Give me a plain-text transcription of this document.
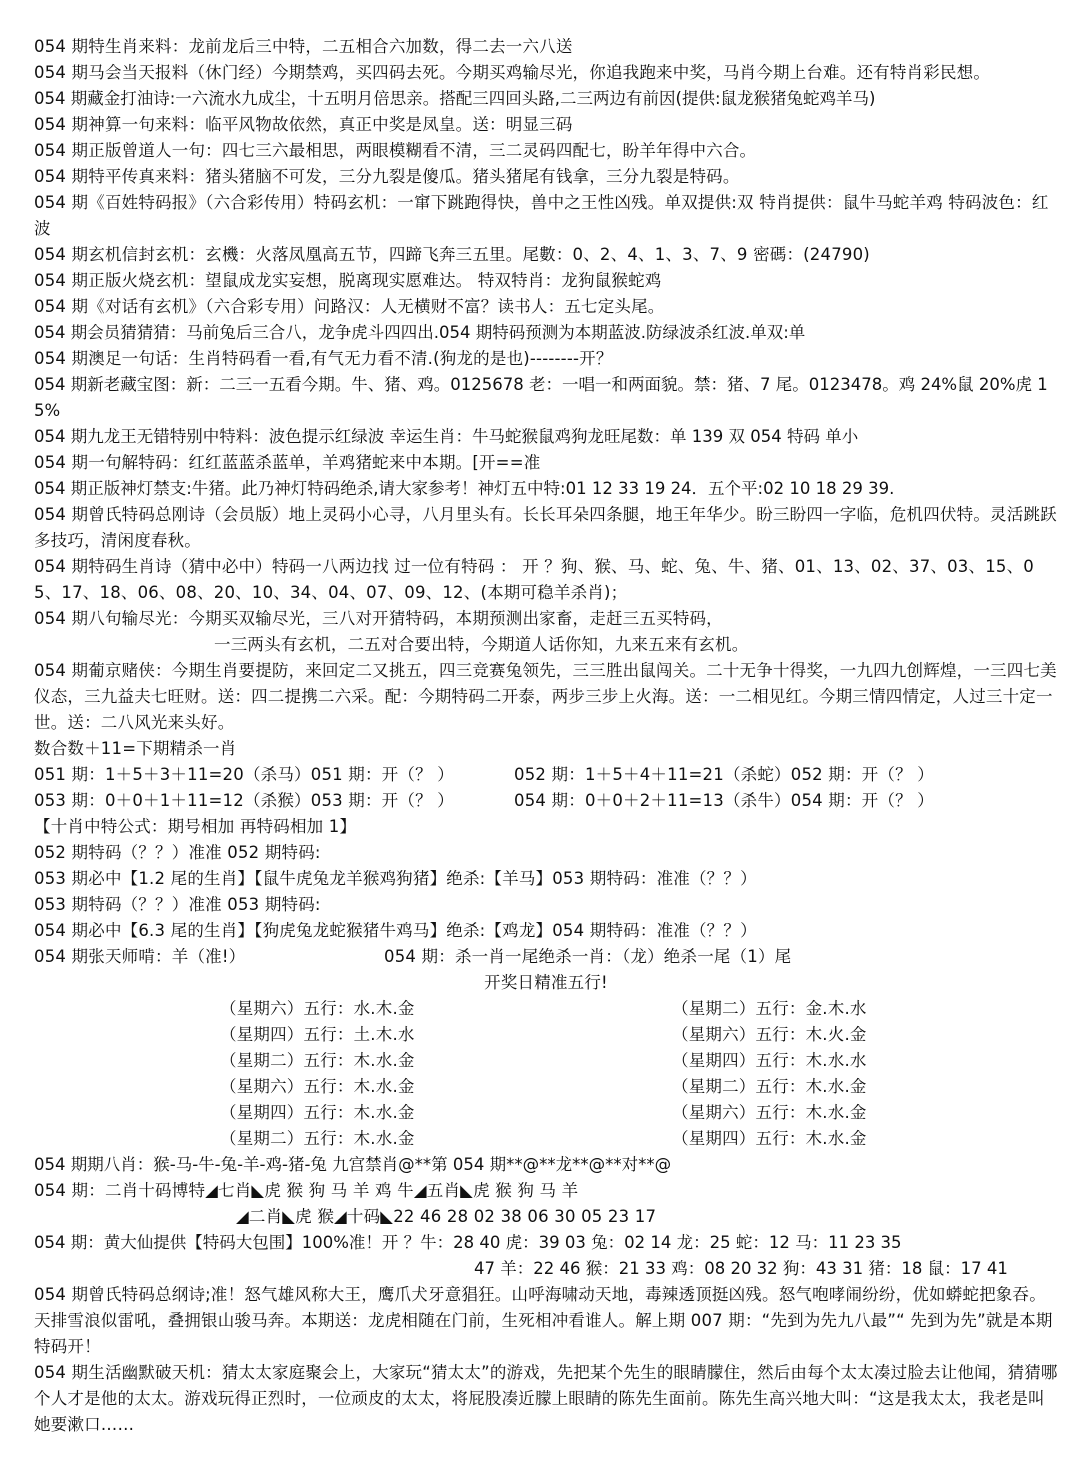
054 期特生肖来料：龙前龙后三中特，二五相合六加数，得二去一六八送

054 期马会当天报料（休门经）今期禁鸡，买四码去死。今期买鸡输尽光，你追我跑来中奖，马肖今期上台难。还有特肖彩民想。

054 期藏金打油诗:一六流水九成尘，十五明月倍思亲。搭配三四回头路,二三两边有前因(提供:鼠龙猴猪兔蛇鸡羊马)

054 期神算一句来料：临平风物故依然，真正中奖是凤皇。送：明显三码

054 期正版曾道人一句：四七三六最相思，两眼模糊看不清，三二灵码四配七，盼羊年得中六合。

054 期特平传真来料：猪头猪脑不可发，三分九裂是傻瓜。猪头猪尾有钱拿，三分九裂是特码。

054 期《百姓特码报》（六合彩传用）特码玄机：一窜下跳跑得快，兽中之王性凶残。单双提供:双 特肖提供：鼠牛马蛇羊鸡 特码波色：红波

054 期玄机信封玄机：玄機：火落凤凰高五节，四蹄飞奔三五里。尾數：0、2、4、1、3、7、9 密碼：(24790)

054 期正版火烧玄机：望鼠成龙实妄想，脱离现实愿难达。 特双特肖：龙狗鼠猴蛇鸡

054 期《对话有玄机》（六合彩专用）问路汉：人无横财不富？读书人：五七定头尾。

054 期会员猜猜猜：马前兔后三合八，龙争虎斗四四出.054 期特码预测为本期蓝波.防绿波杀红波.单双:单

054 期澳足一句话：生肖特码看一看,有气无力看不清.(狗龙的是也)--------开？

054 期新老藏宝图：新：二三一五看今期。牛、猪、鸡。0125678 老：一唱一和两面貌。禁：猪、7 尾。0123478。鸡 24%鼠 20%虎 15%

054 期九龙王无错特别中特料：波色提示红绿波 幸运生肖：牛马蛇猴鼠鸡狗龙旺尾数：单 139 双 054 特码 单小

054 期一句解特码：红红蓝蓝杀蓝单，羊鸡猪蛇来中本期。[开==准

054 期正版神灯禁支:牛猪。此乃神灯特码绝杀,请大家参考！神灯五中特:01 12 33 19 24．五个平:02 10 18 29 39.

054 期曾氏特码总刚诗（会员版）地上灵码小心寻，八月里头有。长长耳朵四条腿，地王年华少。盼三盼四一字临，危机四伏特。灵活跳跃多技巧，清闲度春秋。

054 期特码生肖诗（猜中必中）特码一八两边找 过一位有特码 ： 开 ？狗、猴、马、蛇、兔、牛、猪、01、13、02、37、03、15、05、17、18、06、08、20、10、34、04、07、09、12、(本期可稳羊杀肖)；

054 期八句输尽光：今期买双输尽光，三八对开猜特码，本期预测出家畜，走赶三五买特码，

一三两头有玄机，二五对合要出特，今期道人话你知，九来五来有玄机。

054 期葡京赌侠：今期生肖要提防，来回定二又挑五，四三竞赛兔领先，三三胜出鼠闯关。二十无争十得奖，一九四九创辉煌，一三四七美仪态，三九益夫七旺财。送：四二提携二六采。配：今期特码二开泰，两步三步上火海。送：一二相见红。今期三情四情定，人过三十定一世。送：二八风光来头好。

数合数＋11=下期精杀一肖

051 期：1＋5＋3＋11=20（杀马）051 期：开（？ ）	052 期：1＋5＋4＋11=21（杀蛇）052 期：开（？ ）
053 期：0＋0＋1＋11=12（杀猴）053 期：开（？ ）	054 期：0＋0＋2＋11=13（杀牛）054 期：开（？ ）

【十肖中特公式：期号相加 再特码相加 1】

052 期特码（？？）准准 052 期特码:

053 期必中【1.2 尾的生肖】【鼠牛虎兔龙羊猴鸡狗猪】绝杀:【羊马】053 期特码：准准（？？）

053 期特码（？？）准准 053 期特码:

054 期必中【6.3 尾的生肖】【狗虎兔龙蛇猴猪牛鸡马】绝杀:【鸡龙】054 期特码：准准（？？）

054 期张天师啃：羊（准!）	054 期：杀一肖一尾绝杀一肖：（龙）绝杀一尾（1）尾

开奖日精准五行!

（星期六）五行：水.木.金	（星期二）五行：金.木.水
（星期四）五行：土.木.水	（星期六）五行：木.火.金
（星期二）五行：木.水.金	（星期四）五行：木.水.水
（星期六）五行：木.水.金	（星期二）五行：木.水.金
（星期四）五行：木.水.金	（星期六）五行：木.水.金
（星期二）五行：木.水.金	（星期四）五行：木.水.金

054 期期八肖：猴-马-牛-兔-羊-鸡-猪-兔 九宫禁肖@**第 054 期**@**龙**@**对**@

054 期：二肖十码博特◢七肖◣虎 猴 狗 马 羊 鸡 牛◢五肖◣虎 猴 狗 马 羊

◢二肖◣虎 猴◢十码◣22 46 28 02 38 06 30 05 23 17

054 期：黄大仙提供【特码大包围】100%准！开 ？牛：28 40 虎：39 03 兔：02 14 龙：25 蛇：12 马：11 23 35

47 羊：22 46 猴：21 33 鸡：08 20 32 狗：43 31 猪：18 鼠：17 41

054 期曾氏特码总纲诗;准！怒气雄风称大王，鹰爪犬牙意猖狂。山呼海啸动天地，毒辣透顶挺凶残。怒气咆哮闹纷纷，优如蟒蛇把象吞。天排雪浪似雷吼，叠拥银山骏马奔。本期送：龙虎相随在门前，生死相冲看谁人。解上期 007 期：“先到为先九八最”“ 先到为先”就是本期特码开！

054 期生活幽默破天机：猜太太家庭聚会上，大家玩“猜太太”的游戏，先把某个先生的眼睛朦住，然后由每个太太凑过脸去让他闻，猜猜哪个人才是他的太太。游戏玩得正烈时，一位顽皮的太太，将屁股凑近朦上眼睛的陈先生面前。陈先生高兴地大叫：“这是我太太，我老是叫她要漱口……
